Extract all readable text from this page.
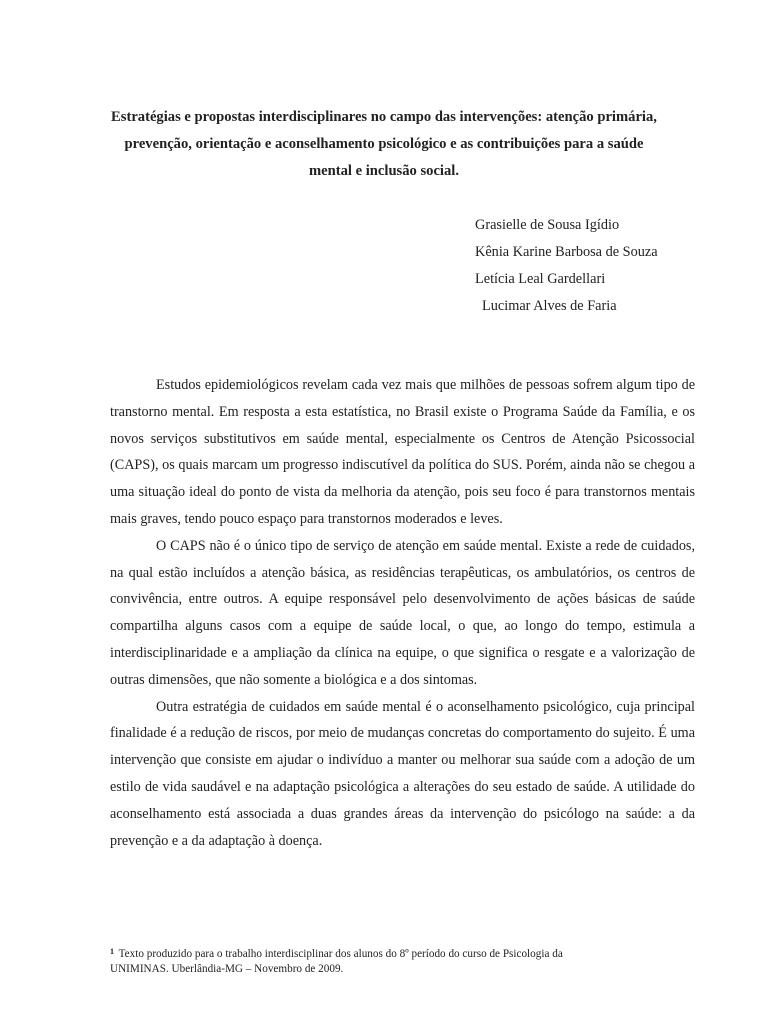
Estratégias e propostas interdisciplinares no campo das intervenções: atenção primária,
prevenção, orientação e aconselhamento psicológico e as contribuições para a saúde
mental e inclusão social.
Grasielle de Sousa Igídio
Kênia Karine Barbosa de Souza
Letícia Leal Gardellari
Lucimar Alves de Faria

Estudos epidemiológicos revelam cada vez mais que milhões de pessoas sofrem algum tipo de transtorno mental. Em resposta a esta estatística, no Brasil existe o Programa Saúde da Família, e os novos serviços substitutivos em saúde mental, especialmente os Centros de Atenção Psicossocial (CAPS), os quais marcam um progresso indiscutível da política do SUS. Porém, ainda não se chegou a uma situação ideal do ponto de vista da melhoria da atenção, pois seu foco é para transtornos mentais mais graves, tendo pouco espaço para transtornos moderados e leves.

O CAPS não é o único tipo de serviço de atenção em saúde mental. Existe a rede de cuidados, na qual estão incluídos a atenção básica, as residências terapêuticas, os ambulatórios, os centros de convivência, entre outros. A equipe responsável pelo desenvolvimento de ações básicas de saúde compartilha alguns casos com a equipe de saúde local, o que, ao longo do tempo, estimula a interdisciplinaridade e a ampliação da clínica na equipe, o que significa o resgate e a valorização de outras dimensões, que não somente a biológica e a dos sintomas.

Outra estratégia de cuidados em saúde mental é o aconselhamento psicológico, cuja principal finalidade é a redução de riscos, por meio de mudanças concretas do comportamento do sujeito. É uma intervenção que consiste em ajudar o indivíduo a manter ou melhorar sua saúde com a adoção de um estilo de vida saudável e na adaptação psicológica a alterações do seu estado de saúde. A utilidade do aconselhamento está associada a duas grandes áreas da intervenção do psicólogo na saúde: a da prevenção e a da adaptação à doença.

$^1$ Texto produzido para o trabalho interdisciplinar dos alunos do 8º período do curso de Psicologia da
UNIMINAS. Uberlândia-MG – Novembro de 2009.
